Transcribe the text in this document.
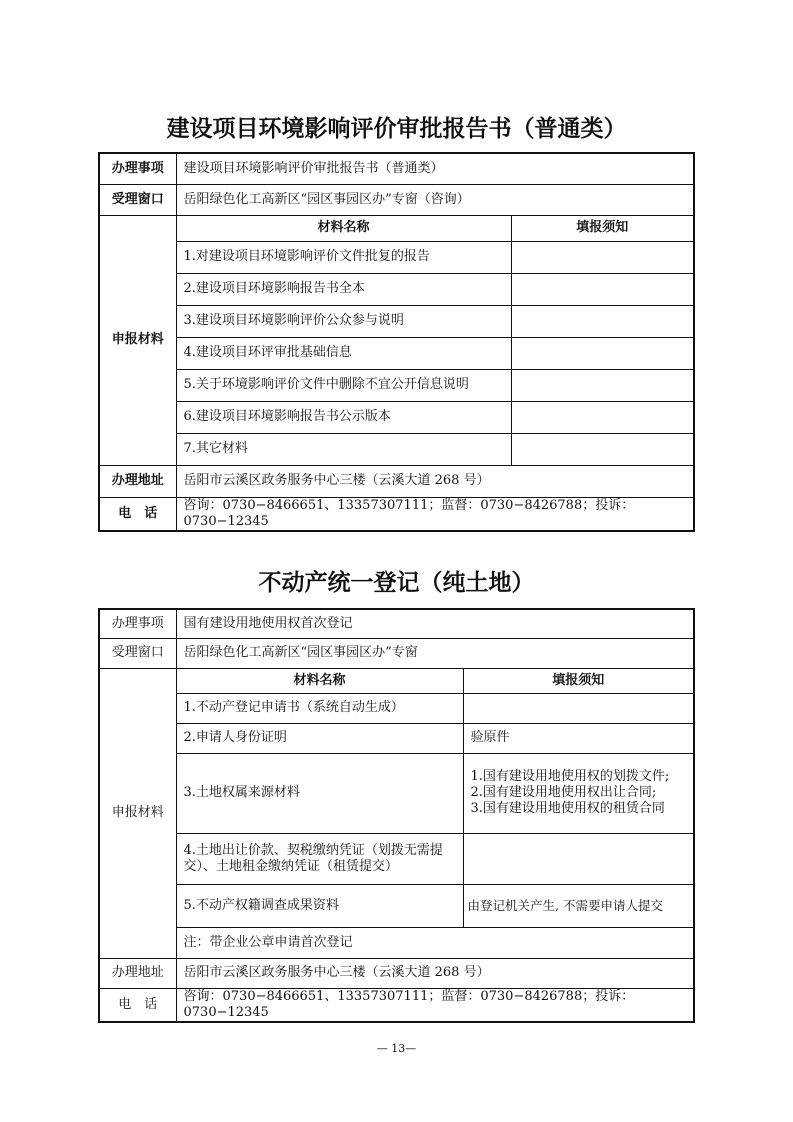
建设项目环境影响评价审批报告书（普通类）
办理事项	建设项目环境影响评价审批报告书（普通类）	
受理窗口	岳阳绿色化工高新区“园区事园区办”专窗（咨询）	
申报材料	材料名称	填报须知
	1.对建设项目环境影响评价文件批复的报告	
	2.建设项目环境影响报告书全本	
	3.建设项目环境影响评价公众参与说明	
	4.建设项目环评审批基础信息	
	5.关于环境影响评价文件中删除不宜公开信息说明	
	6.建设项目环境影响报告书公示版本	
	7.其它材料	
办理地址	岳阳市云溪区政务服务中心三楼（云溪大道 268 号）	
电　话	咨询：0730−8466651、13357307111；监督：0730−8426788；投诉：0730−12345	
不动产统一登记（纯土地）
办理事项	国有建设用地使用权首次登记	
受理窗口	岳阳绿色化工高新区“园区事园区办”专窗	
申报材料	材料名称	填报须知
	1.不动产登记申请书（系统自动生成）	
	2.申请人身份证明	验原件
	3.土地权属来源材料	1.国有建设用地使用权的划拨文件;
2.国有建设用地使用权出让合同;
3.国有建设用地使用权的租赁合同
	4.土地出让价款、契税缴纳凭证（划拨无需提交）、土地租金缴纳凭证（租赁提交）	
	5.不动产权籍调查成果资料	由登记机关产生, 不需要申请人提交
	注：带企业公章申请首次登记	
办理地址	岳阳市云溪区政务服务中心三楼（云溪大道 268 号）	
电　话	咨询：0730−8466651、13357307111；监督：0730−8426788；投诉：0730−12345	
— 13—
